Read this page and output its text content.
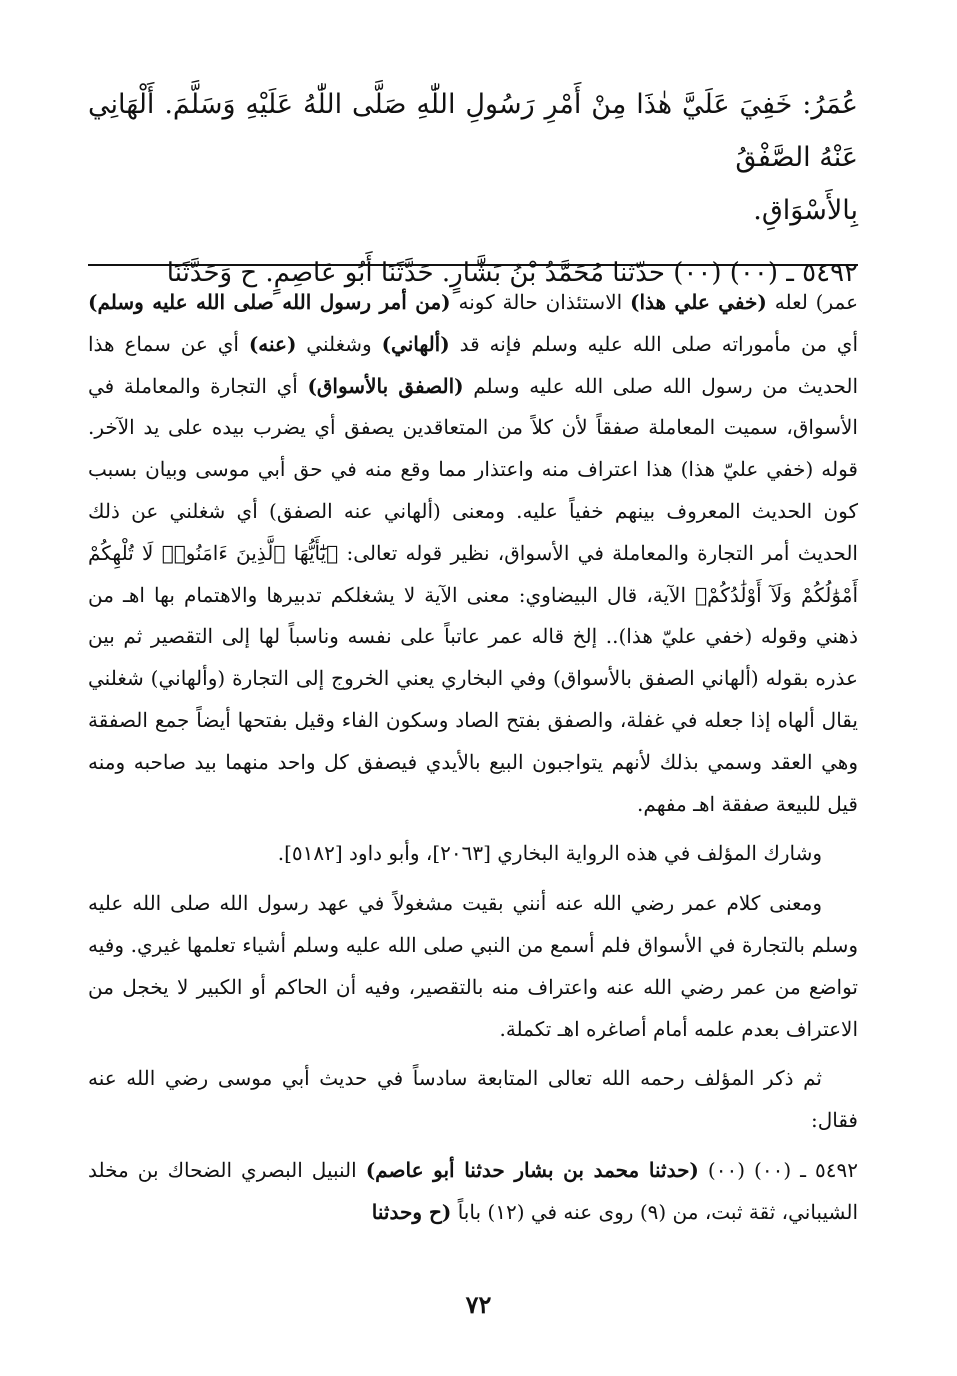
عُمَرُ: خَفِيَ عَلَيَّ هٰذَا مِنْ أَمْرِ رَسُولِ اللّٰهِ صَلَّى اللّٰهُ عَلَيْهِ وَسَلَّمَ. أَلْهَانِي عَنْهُ الصَّفْقُ

بِالأَسْوَاقِ.

٥٤٩٢ ـ (٠٠) (٠٠) حدّثنا مُحَمَّدُ بْنُ بَشَّارٍ. حَدَّثَنَا أَبُو عَاصِمٍ. ح وَحَدَّثَنَا

عمر) لعله (خفي علي هذا) الاستئذان حالة كونه (من أمر رسول الله صلى الله عليه وسلم) أي من مأموراته صلى الله عليه وسلم فإنه قد (ألهاني) وشغلني (عنه) أي عن سماع هذا الحديث من رسول الله صلى الله عليه وسلم (الصفق بالأسواق) أي التجارة والمعاملة في الأسواق، سميت المعاملة صفقاً لأن كلاً من المتعاقدين يصفق أي يضرب بيده على يد الآخر. قوله (خفي عليّ هذا) هذا اعتراف منه واعتذار مما وقع منه في حق أبي موسى وبيان بسبب كون الحديث المعروف بينهم خفياً عليه. ومعنى (ألهاني عنه الصفق) أي شغلني عن ذلك الحديث أمر التجارة والمعاملة في الأسواق، نظير قوله تعالى: ﴿يَٰٓأَيُّهَا ٱلَّذِينَ ءَامَنُوا۟ لَا تُلْهِكُمْ أَمْوَٰلُكُمْ وَلَآ أَوْلَٰدُكُمْ﴾ الآية، قال البيضاوي: معنى الآية لا يشغلكم تدبيرها والاهتمام بها اهـ من ذهني وقوله (خفي عليّ هذا).. إلخ قاله عمر عاتباً على نفسه وناسباً لها إلى التقصير ثم بين عذره بقوله (ألهاني الصفق بالأسواق) وفي البخاري يعني الخروج إلى التجارة (وألهاني) شغلني يقال ألهاه إذا جعله في غفلة، والصفق بفتح الصاد وسكون الفاء وقيل بفتحها أيضاً جمع الصفقة وهي العقد وسمي بذلك لأنهم يتواجبون البيع بالأيدي فيصفق كل واحد منهما بيد صاحبه ومنه قيل للبيعة صفقة اهـ مفهم.

وشارك المؤلف في هذه الرواية البخاري [٢٠٦٣]، وأبو داود [٥١٨٢].

ومعنى كلام عمر رضي الله عنه أنني بقيت مشغولاً في عهد رسول الله صلى الله عليه وسلم بالتجارة في الأسواق فلم أسمع من النبي صلى الله عليه وسلم أشياء تعلمها غيري. وفيه تواضع من عمر رضي الله عنه واعتراف منه بالتقصير، وفيه أن الحاكم أو الكبير لا يخجل من الاعتراف بعدم علمه أمام أصاغره اهـ تكملة.

ثم ذكر المؤلف رحمه الله تعالى المتابعة سادساً في حديث أبي موسى رضي الله عنه فقال:

٥٤٩٢ ـ (٠٠) (٠٠) (حدثنا محمد بن بشار حدثنا أبو عاصم) النبيل البصري الضحاك بن مخلد الشيباني، ثقة ثبت، من (٩) روى عنه في (١٢) باباً (ح وحدثنا

٧٢
